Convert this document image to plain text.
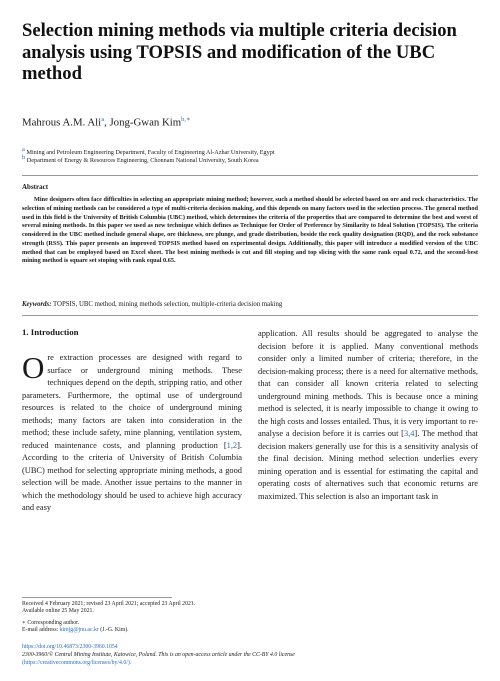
Selection mining methods via multiple criteria decision analysis using TOPSIS and modification of the UBC method
Mahrous A.M. Ali$^a$, Jong-Gwan Kim$^{b,∗}$
$^a$ Mining and Petroleum Engineering Department, Faculty of Engineering Al-Azhar University, Egypt
$^b$ Department of Energy & Resources Engineering, Chonnam National University, South Korea
Abstract

Mine designers often face difficulties in selecting an appropriate mining method; however, such a method should be selected based on ore and rock characteristics. The selection of mining methods can be considered a type of multi-criteria decision making, and this depends on many factors used in the selection process. The general method used in this field is the University of British Columbia (UBC) method, which determines the criteria of the properties that are compared to determine the best and worst of several mining methods. In this paper we used as new technique which defines as Technique for Order of Preference by Similarity to Ideal Solution (TOPSIS). The criteria considered in the UBC method include general shape, ore thickness, ore plunge, and grade distribution, beside the rock quality designation (RQD), and the rock substance strength (RSS). This paper presents an improved TOPSIS method based on experimental design. Additionally, this paper will introduce a modified version of the UBC method that can be employed based on Excel sheet. The best mining methods is cut and fill stoping and top slicing with the same rank equal 0.72, and the second-best mining method is square set stoping with rank equal 0.65.

Keywords: TOPSIS, UBC method, mining methods selection, multiple-criteria decision making
1. Introduction

Ore extraction processes are designed with regard to surface or underground mining methods. These techniques depend on the depth, stripping ratio, and other parameters. Furthermore, the optimal use of underground resources is related to the choice of underground mining methods; many factors are taken into consideration in the method; these include safety, mine planning, ventilation system, reduced maintenance costs, and planning production [1,2]. According to the criteria of University of British Columbia (UBC) method for selecting appropriate mining methods, a good selection will be made. Another issue pertains to the manner in which the methodology should be used to achieve high accuracy and easy

application. All results should be aggregated to analyse the decision before it is applied. Many conventional methods consider only a limited number of criteria; therefore, in the decision-making process; there is a need for alternative methods, that can consider all known criteria related to selecting underground mining methods. This is because once a mining method is selected, it is nearly impossible to change it owing to the high costs and losses entailed. Thus, it is very important to re-analyse a decision before it is carries out [3,4]. The method that decision makers generally use for this is a sensitivity analysis of the final decision. Mining method selection underlies every mining operation and is essential for estimating the capital and operating costs of alternatives such that economic returns are maximized. This selection is also an important task in

Received 4 February 2021; revised 23 April 2021; accepted 23 April 2021.
Available online 25 May 2021.
∗ Corresponding author.
E-mail address: kimjg@jnu.ac.kr (J.-G. Kim).
https://doi.org/10.46873/2300-3960.1054
2300-3960/© Central Mining Institute, Katowice, Poland. This is an open-access article under the CC-BY 4.0 license
(https://creativecommons.org/licenses/by/4.0/).
